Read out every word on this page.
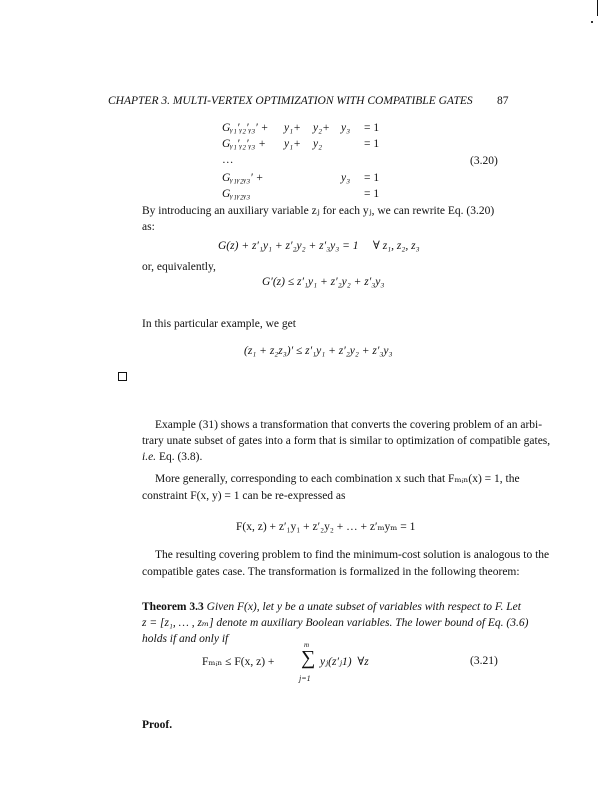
CHAPTER 3. MULTI-VERTEX OPTIMIZATION WITH COMPATIBLE GATES 87
Gᵧ₁′ᵧ₂′ᵧ₃′ + y₁+ y₂+ y₃ = 1
Gᵧ₁′ᵧ₂′ᵧ₃ + y₁+ y₂	= 1
…	(3.20)
Gᵧ₁ᵧ₂ᵧ₃′ +	y₃ = 1
Gᵧ₁ᵧ₂ᵧ₃	= 1
By introducing an auxiliary variable zⱼ for each yⱼ, we can rewrite Eq. (3.20)
as:
G(z) + z′₁y₁ + z′₂y₂ + z′₃y₃ = 1     ∀ z₁, z₂, z₃
or, equivalently,
G′(z) ≤ z′₁y₁ + z′₂y₂ + z′₃y₃
In this particular example, we get
(z₁ + z₂z₃)′ ≤ z′₁y₁ + z′₂y₂ + z′₃y₃
Example (31) shows a transformation that converts the covering problem of an arbi-
trary unate subset of gates into a form that is similar to optimization of compatible gates,
i.e. Eq. (3.8).
More generally, corresponding to each combination x such that Fₘᵢₙ(x) = 1, the
constraint F(x, y) = 1 can be re-expressed as
F(x, z) + z′₁y₁ + z′₂y₂ + … + z′ₘyₘ = 1
The resulting covering problem to find the minimum-cost solution is analogous to the
compatible gates case. The transformation is formalized in the following theorem:
Theorem 3.3 Given F(x), let y be a unate subset of variables with respect to F. Let
z = [z₁, … , zₘ] denote m auxiliary Boolean variables. The lower bound of Eq. (3.6)
holds if and only if
Fₘᵢₙ ≤ F(x, z) +
m
∑
j=1
yⱼ(z′ⱼ1)  ∀z	(3.21)
Proof.
